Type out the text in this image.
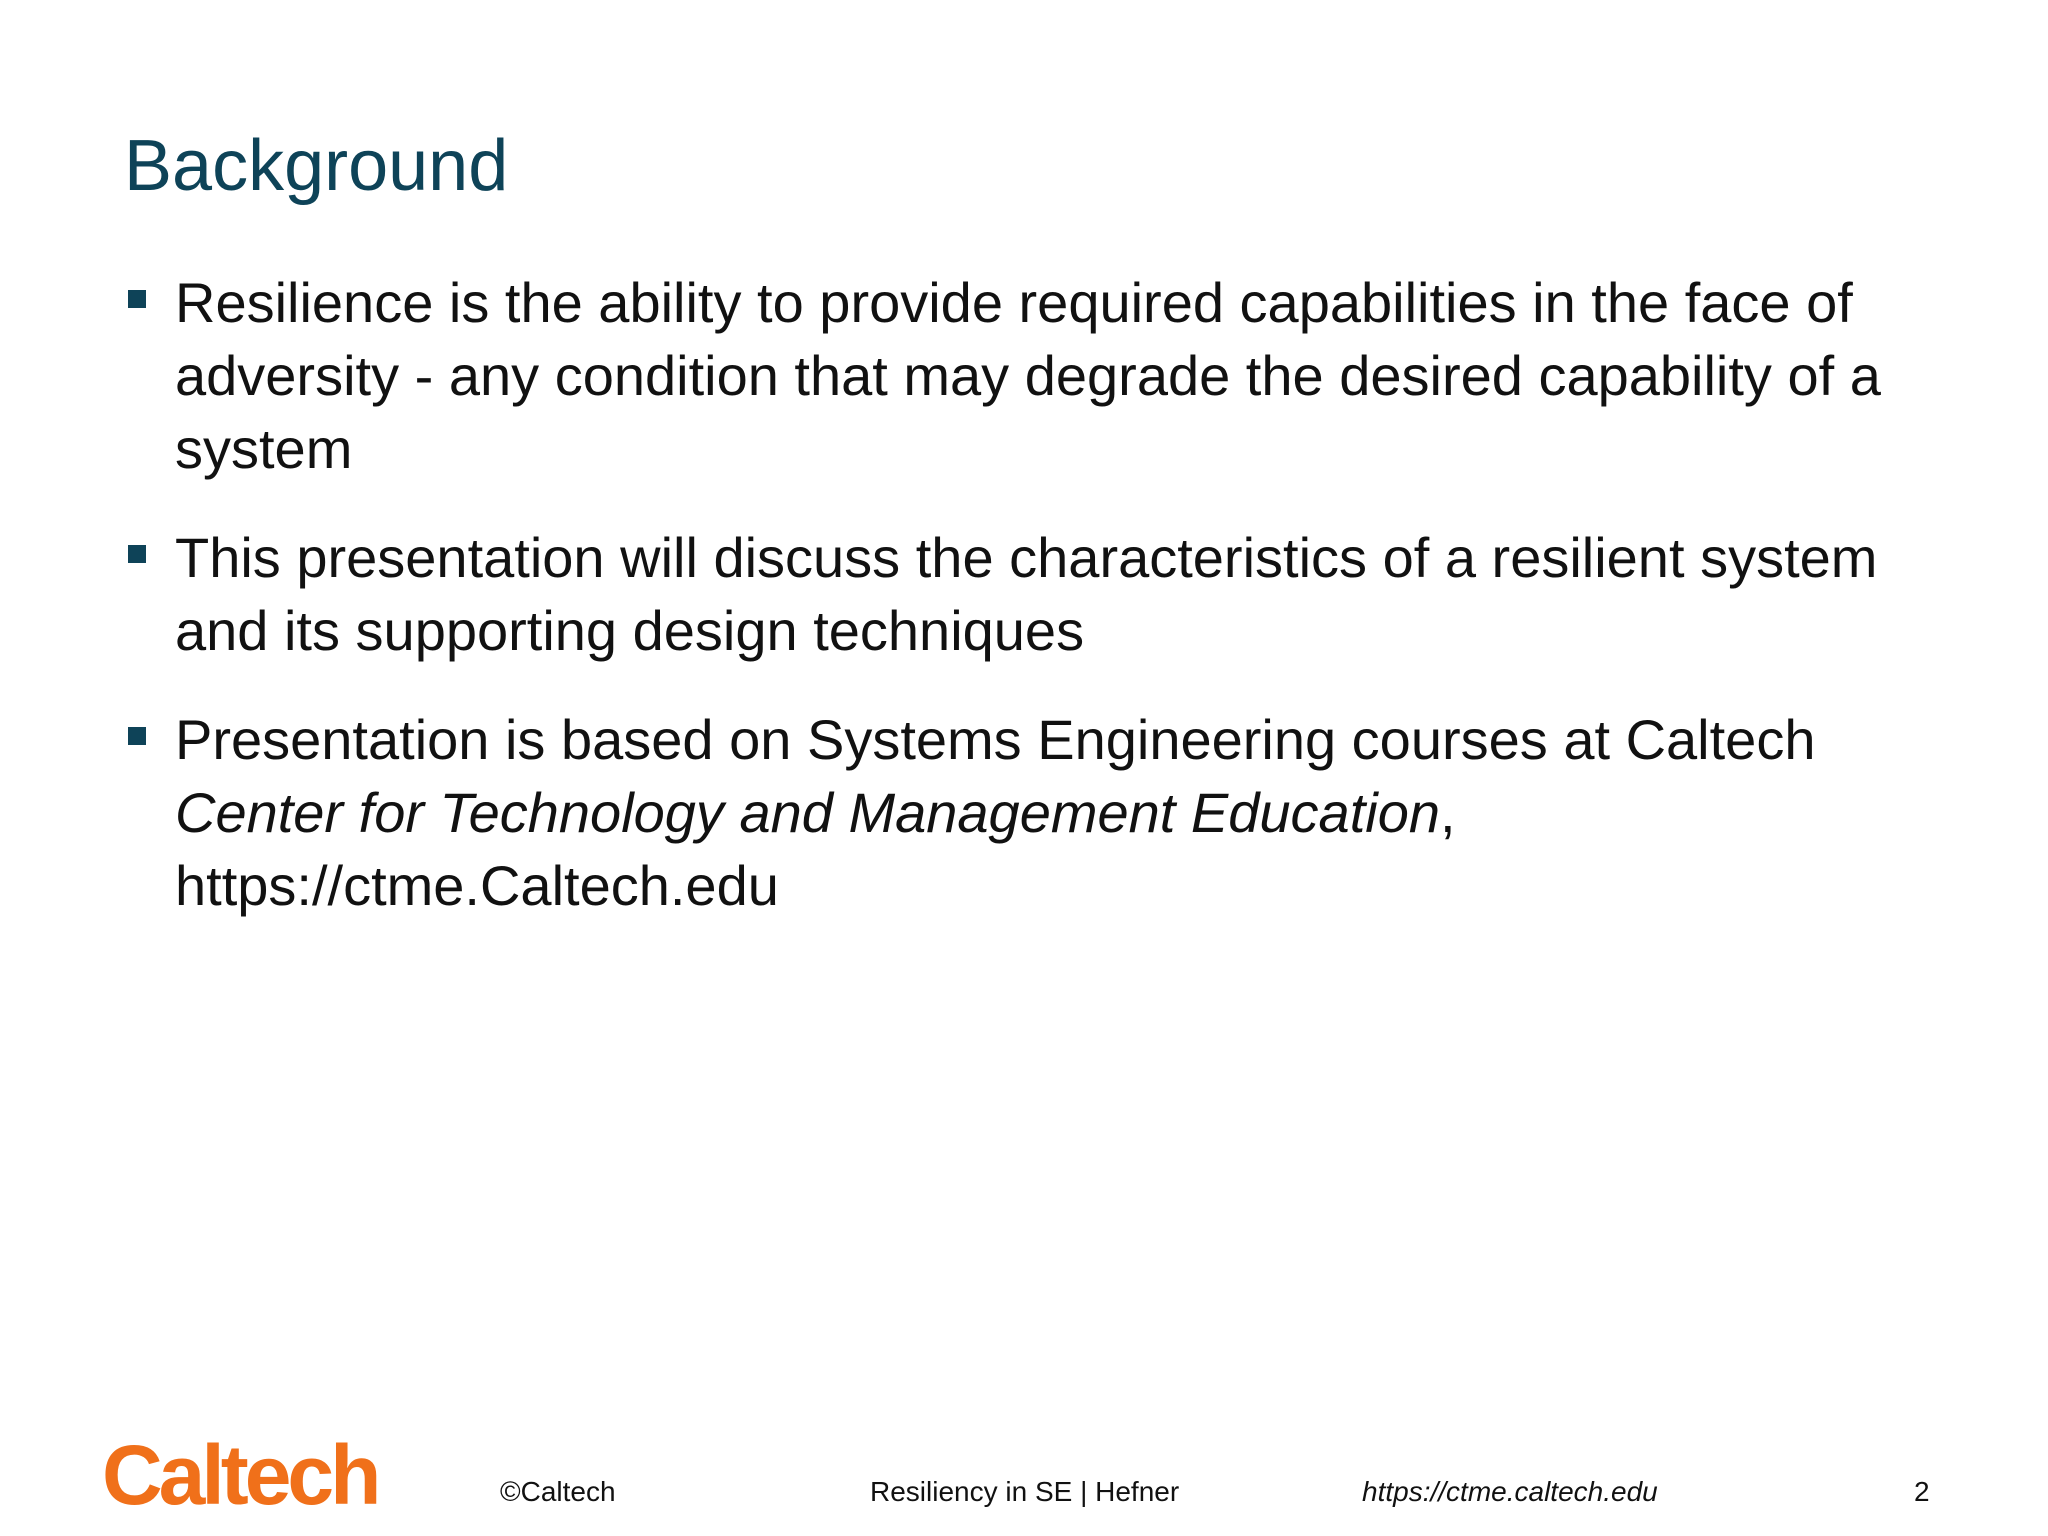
Background
Resilience is the ability to provide required capabilities in the face of adversity - any condition that may degrade the desired capability of a system
This presentation will discuss the characteristics of a resilient system and its supporting design techniques
Presentation is based on Systems Engineering courses at Caltech Center for Technology and Management Education, https://ctme.Caltech.edu
Caltech	©Caltech	Resiliency in SE | Hefner	https://ctme.caltech.edu	2
